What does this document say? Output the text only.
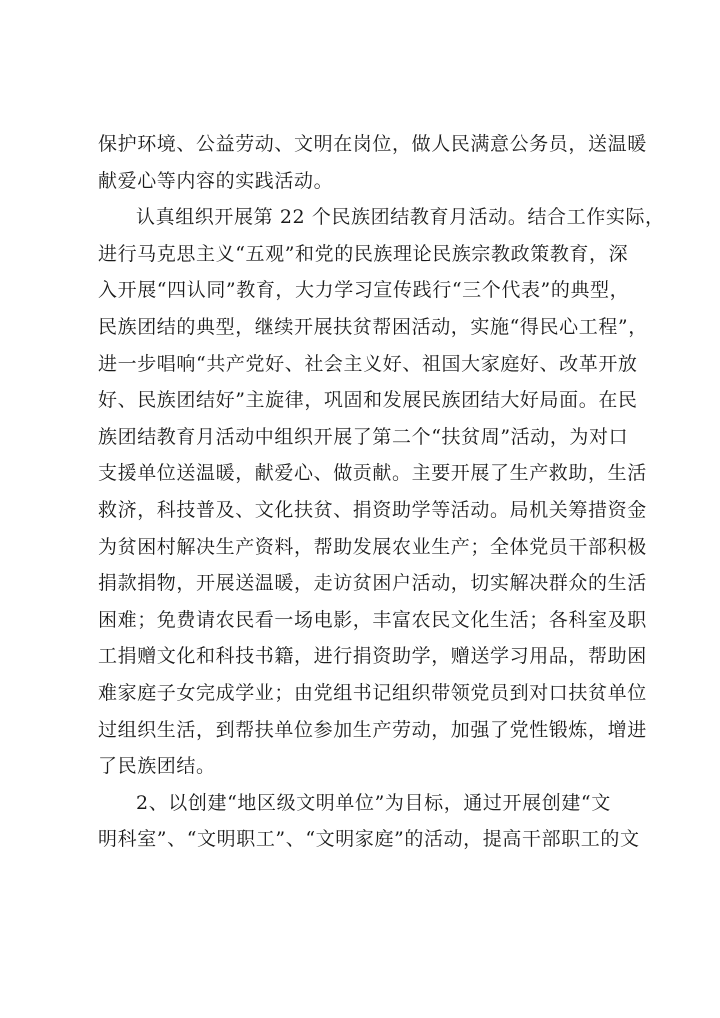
保护环境、公益劳动、文明在岗位，做人民满意公务员，送温暖
献爱心等内容的实践活动。
认真组织开展第 22 个民族团结教育月活动。结合工作实际，
进行马克思主义“五观”和党的民族理论民族宗教政策教育，深
入开展“四认同”教育，大力学习宣传践行“三个代表”的典型，
民族团结的典型，继续开展扶贫帮困活动，实施“得民心工程”，
进一步唱响“共产党好、社会主义好、祖国大家庭好、改革开放
好、民族团结好”主旋律，巩固和发展民族团结大好局面。在民
族团结教育月活动中组织开展了第二个“扶贫周”活动，为对口
支援单位送温暖，献爱心、做贡献。主要开展了生产救助，生活
救济，科技普及、文化扶贫、捐资助学等活动。局机关筹措资金
为贫困村解决生产资料，帮助发展农业生产；全体党员干部积极
捐款捐物，开展送温暖，走访贫困户活动，切实解决群众的生活
困难；免费请农民看一场电影，丰富农民文化生活；各科室及职
工捐赠文化和科技书籍，进行捐资助学，赠送学习用品，帮助困
难家庭子女完成学业；由党组书记组织带领党员到对口扶贫单位
过组织生活，到帮扶单位参加生产劳动，加强了党性锻炼，增进
了民族团结。
2、以创建“地区级文明单位”为目标，通过开展创建“文
明科室”、“文明职工”、“文明家庭”的活动，提高干部职工的文
